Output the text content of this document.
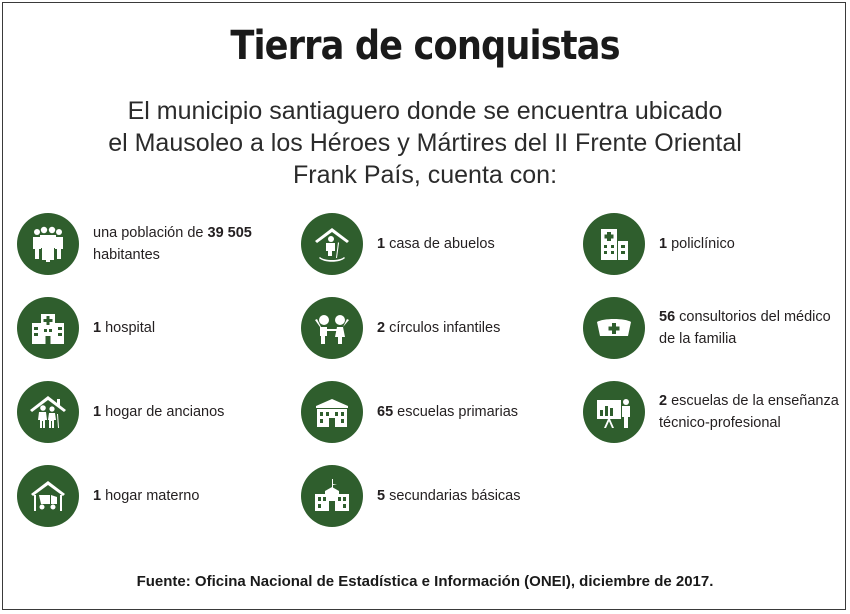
Tierra de conquistas
El municipio santiaguero donde se encuentra ubicado
el Mausoleo a los Héroes y Mártires del II Frente Oriental
Frank País, cuenta con:
una población de 39 505
habitantes
1 casa de abuelos	1 policlínico
1 hospital	2 círculos infantiles
56 consultorios del médico de la familia
1 hogar de ancianos	65 escuelas primarias
2 escuelas de la enseñanza técnico-profesional
1 hogar materno	5 secundarias básicas
Fuente: Oficina Nacional de Estadística e Información (ONEI), diciembre de 2017.
